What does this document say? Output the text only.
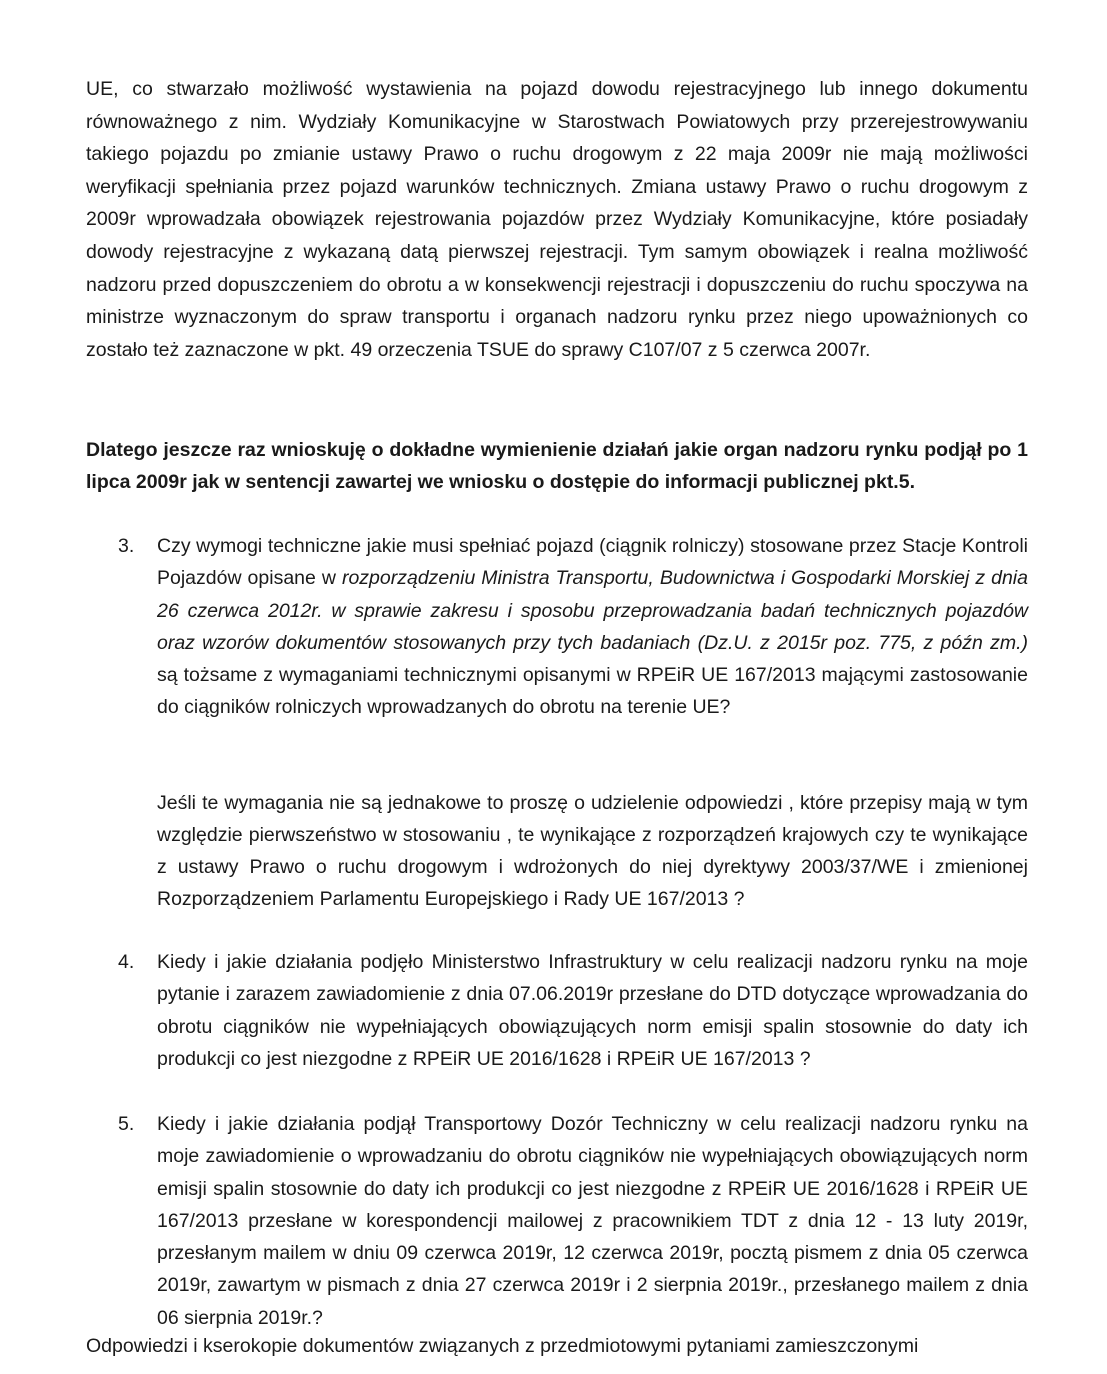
UE, co stwarzało możliwość wystawienia na pojazd dowodu rejestracyjnego lub innego dokumentu równoważnego z nim. Wydziały Komunikacyjne w Starostwach Powiatowych przy przerejestrowywaniu takiego pojazdu po zmianie ustawy Prawo o ruchu drogowym z 22 maja 2009r nie mają możliwości weryfikacji spełniania przez pojazd warunków technicznych. Zmiana ustawy Prawo o ruchu drogowym z 2009r wprowadzała obowiązek rejestrowania pojazdów przez Wydziały Komunikacyjne, które posiadały dowody rejestracyjne z wykazaną datą pierwszej rejestracji. Tym samym obowiązek i realna możliwość nadzoru przed dopuszczeniem do obrotu a w konsekwencji rejestracji i dopuszczeniu do ruchu spoczywa na ministrze wyznaczonym do spraw transportu i organach nadzoru rynku przez niego upoważnionych co zostało też zaznaczone w pkt. 49 orzeczenia TSUE do sprawy C107/07 z 5 czerwca 2007r.

Dlatego jeszcze raz wnioskuję o dokładne wymienienie działań jakie organ nadzoru rynku podjął po 1 lipca 2009r jak w sentencji zawartej we wniosku o dostępie do informacji publicznej pkt.5.

3.	Czy wymogi techniczne jakie musi spełniać pojazd (ciągnik rolniczy) stosowane przez Stacje Kontroli Pojazdów opisane w rozporządzeniu Ministra Transportu, Budownictwa i Gospodarki Morskiej z dnia 26 czerwca 2012r. w sprawie zakresu i sposobu przeprowadzania badań technicznych pojazdów oraz wzorów dokumentów stosowanych przy tych badaniach (Dz.U. z 2015r poz. 775, z późn zm.) są tożsame z wymaganiami technicznymi opisanymi w RPEiR UE 167/2013 mającymi zastosowanie do ciągników rolniczych wprowadzanych do obrotu na terenie UE?

Jeśli te wymagania nie są jednakowe to proszę o udzielenie odpowiedzi , które przepisy mają w tym względzie pierwszeństwo w stosowaniu , te wynikające z rozporządzeń krajowych czy te wynikające z ustawy Prawo o ruchu drogowym i wdrożonych do niej dyrektywy 2003/37/WE i zmienionej Rozporządzeniem Parlamentu Europejskiego i Rady UE 167/2013 ?

4.	Kiedy i jakie działania podjęło Ministerstwo Infrastruktury w celu realizacji nadzoru rynku na moje pytanie i zarazem zawiadomienie z dnia 07.06.2019r przesłane do DTD dotyczące wprowadzania do obrotu ciągników nie wypełniających obowiązujących norm emisji spalin stosownie do daty ich produkcji co jest niezgodne z RPEiR UE 2016/1628 i RPEiR UE 167/2013 ?
5.	Kiedy i jakie działania podjął Transportowy Dozór Techniczny w celu realizacji nadzoru rynku na moje zawiadomienie o wprowadzaniu do obrotu ciągników nie wypełniających obowiązujących norm emisji spalin stosownie do daty ich produkcji co jest niezgodne z RPEiR UE 2016/1628 i RPEiR UE 167/2013 przesłane w korespondencji mailowej z pracownikiem TDT z dnia 12 - 13 luty 2019r, przesłanym mailem w dniu 09 czerwca 2019r, 12 czerwca 2019r, pocztą pismem z dnia 05 czerwca 2019r, zawartym w pismach z dnia 27 czerwca 2019r i 2 sierpnia 2019r., przesłanego mailem z dnia 06 sierpnia 2019r.?

Odpowiedzi i kserokopie dokumentów związanych z przedmiotowymi pytaniami zamieszczonymi
